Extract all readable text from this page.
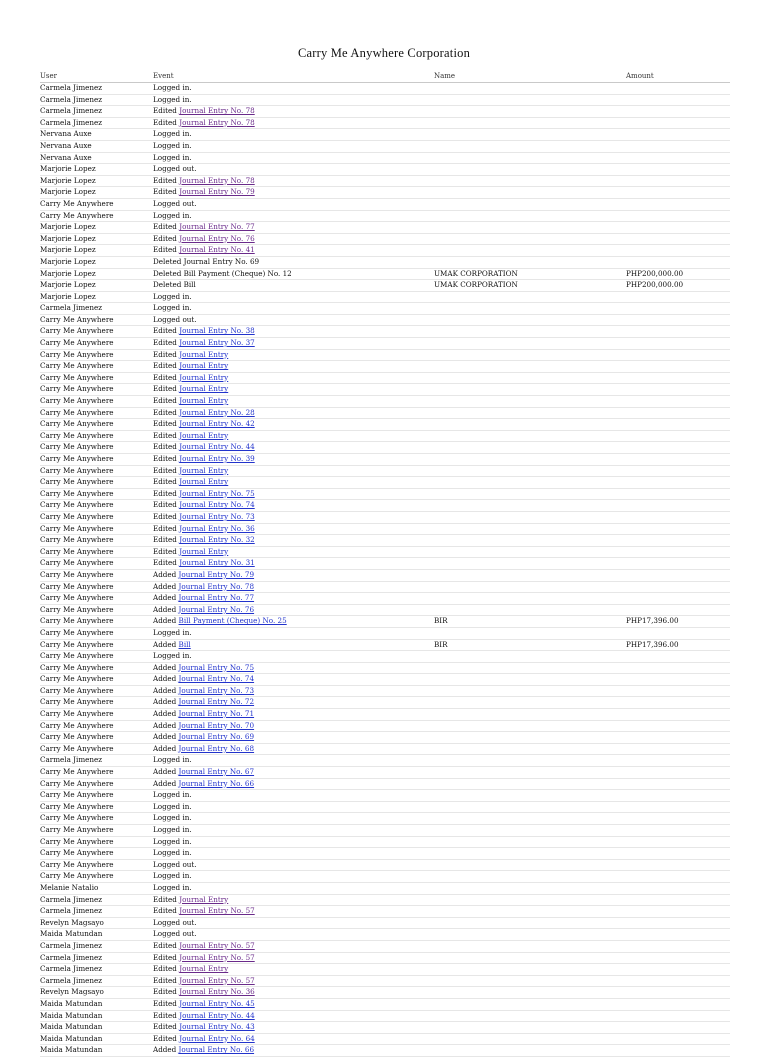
Carry Me Anywhere Corporation
User	Event	Name	Amount
Carmela Jimenez	Logged in.
Carmela Jimenez	Logged in.
Carmela Jimenez	Edited Journal Entry No. 78
Carmela Jimenez	Edited Journal Entry No. 78
Nervana Auxe	Logged in.
Nervana Auxe	Logged in.
Nervana Auxe	Logged in.
Marjorie Lopez	Logged out.
Marjorie Lopez	Edited Journal Entry No. 78
Marjorie Lopez	Edited Journal Entry No. 79
Carry Me Anywhere	Logged out.
Carry Me Anywhere	Logged in.
Marjorie Lopez	Edited Journal Entry No. 77
Marjorie Lopez	Edited Journal Entry No. 76
Marjorie Lopez	Edited Journal Entry No. 41
Marjorie Lopez	Deleted Journal Entry No. 69
Marjorie Lopez	Deleted Bill Payment (Cheque) No. 12	UMAK CORPORATION	PHP200,000.00
Marjorie Lopez	Deleted Bill	UMAK CORPORATION	PHP200,000.00
Marjorie Lopez	Logged in.
Carmela Jimenez	Logged in.
Carry Me Anywhere	Logged out.
Carry Me Anywhere	Edited Journal Entry No. 38
Carry Me Anywhere	Edited Journal Entry No. 37
Carry Me Anywhere	Edited Journal Entry
Carry Me Anywhere	Edited Journal Entry
Carry Me Anywhere	Edited Journal Entry
Carry Me Anywhere	Edited Journal Entry
Carry Me Anywhere	Edited Journal Entry
Carry Me Anywhere	Edited Journal Entry No. 28
Carry Me Anywhere	Edited Journal Entry No. 42
Carry Me Anywhere	Edited Journal Entry
Carry Me Anywhere	Edited Journal Entry No. 44
Carry Me Anywhere	Edited Journal Entry No. 39
Carry Me Anywhere	Edited Journal Entry
Carry Me Anywhere	Edited Journal Entry
Carry Me Anywhere	Edited Journal Entry No. 75
Carry Me Anywhere	Edited Journal Entry No. 74
Carry Me Anywhere	Edited Journal Entry No. 73
Carry Me Anywhere	Edited Journal Entry No. 36
Carry Me Anywhere	Edited Journal Entry No. 32
Carry Me Anywhere	Edited Journal Entry
Carry Me Anywhere	Edited Journal Entry No. 31
Carry Me Anywhere	Added Journal Entry No. 79
Carry Me Anywhere	Added Journal Entry No. 78
Carry Me Anywhere	Added Journal Entry No. 77
Carry Me Anywhere	Added Journal Entry No. 76
Carry Me Anywhere	Added Bill Payment (Cheque) No. 25	BIR	PHP17,396.00
Carry Me Anywhere	Logged in.
Carry Me Anywhere	Added Bill	BIR	PHP17,396.00
Carry Me Anywhere	Logged in.
Carry Me Anywhere	Added Journal Entry No. 75
Carry Me Anywhere	Added Journal Entry No. 74
Carry Me Anywhere	Added Journal Entry No. 73
Carry Me Anywhere	Added Journal Entry No. 72
Carry Me Anywhere	Added Journal Entry No. 71
Carry Me Anywhere	Added Journal Entry No. 70
Carry Me Anywhere	Added Journal Entry No. 69
Carry Me Anywhere	Added Journal Entry No. 68
Carmela Jimenez	Logged in.
Carry Me Anywhere	Added Journal Entry No. 67
Carry Me Anywhere	Added Journal Entry No. 66
Carry Me Anywhere	Logged in.
Carry Me Anywhere	Logged in.
Carry Me Anywhere	Logged in.
Carry Me Anywhere	Logged in.
Carry Me Anywhere	Logged in.
Carry Me Anywhere	Logged in.
Carry Me Anywhere	Logged out.
Carry Me Anywhere	Logged in.
Melanie Natalio	Logged in.
Carmela Jimenez	Edited Journal Entry
Carmela Jimenez	Edited Journal Entry No. 57
Revelyn Magsayo	Logged out.
Maida Matundan	Logged out.
Carmela Jimenez	Edited Journal Entry No. 57
Carmela Jimenez	Edited Journal Entry No. 57
Carmela Jimenez	Edited Journal Entry
Carmela Jimenez	Edited Journal Entry No. 57
Revelyn Magsayo	Edited Journal Entry No. 36
Maida Matundan	Edited Journal Entry No. 45
Maida Matundan	Edited Journal Entry No. 44
Maida Matundan	Edited Journal Entry No. 43
Maida Matundan	Edited Journal Entry No. 64
Maida Matundan	Added Journal Entry No. 66
